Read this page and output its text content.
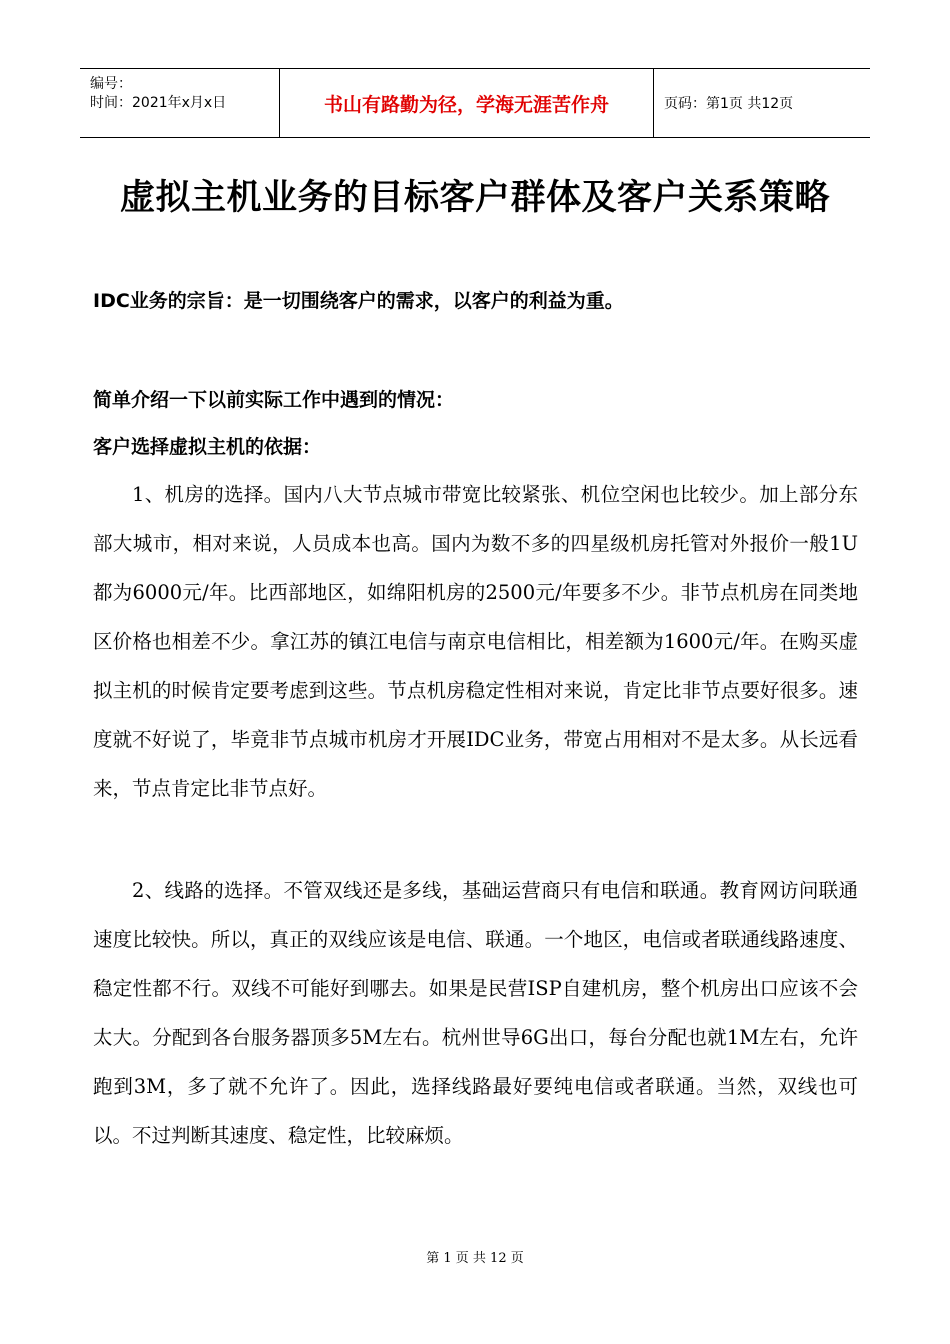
编号：
时间：2021年x月x日	书山有路勤为径，学海无涯苦作舟	页码：第1页 共12页
虚拟主机业务的目标客户群体及客户关系策略

IDC业务的宗旨：是一切围绕客户的需求，以客户的利益为重。

简单介绍一下以前实际工作中遇到的情况：

客户选择虚拟主机的依据：

1、机房的选择。国内八大节点城市带宽比较紧张、机位空闲也比较少。加上部分东部大城市，相对来说，人员成本也高。国内为数不多的四星级机房托管对外报价一般1U都为6000元/年。比西部地区，如绵阳机房的2500元/年要多不少。非节点机房在同类地区价格也相差不少。拿江苏的镇江电信与南京电信相比，相差额为1600元/年。在购买虚拟主机的时候肯定要考虑到这些。节点机房稳定性相对来说，肯定比非节点要好很多。速度就不好说了，毕竟非节点城市机房才开展IDC业务，带宽占用相对不是太多。从长远看来，节点肯定比非节点好。

2、线路的选择。不管双线还是多线，基础运营商只有电信和联通。教育网访问联通速度比较快。所以，真正的双线应该是电信、联通。一个地区，电信或者联通线路速度、稳定性都不行。双线不可能好到哪去。如果是民营ISP自建机房，整个机房出口应该不会太大。分配到各台服务器顶多5M左右。杭州世导6G出口，每台分配也就1M左右，允许跑到3M，多了就不允许了。因此，选择线路最好要纯电信或者联通。当然，双线也可以。不过判断其速度、稳定性，比较麻烦。

第 1 页 共 12 页
